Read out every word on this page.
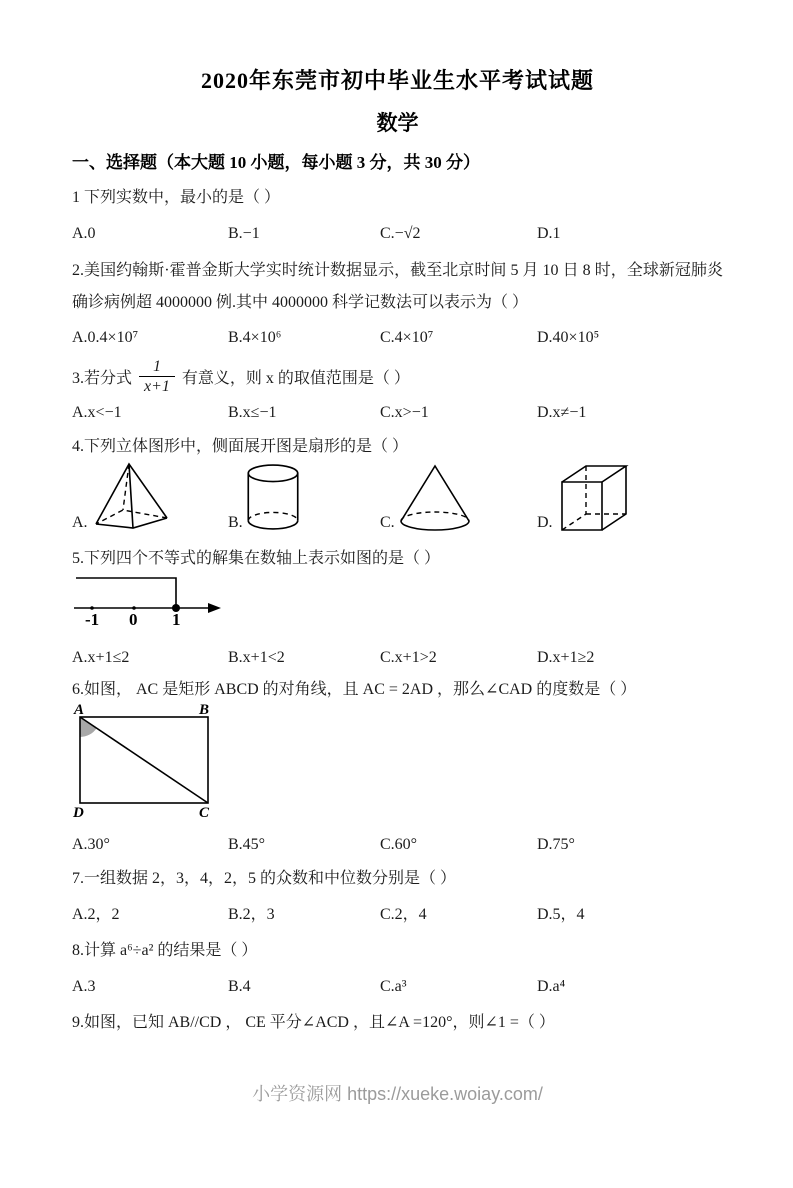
2020年东莞市初中毕业生水平考试试题
数学
一、选择题（本大题 10 小题，每小题 3 分，共 30 分）
1 下列实数中，最小的是（ ）
A.0	B.−1	C.−√2	D.1
2.美国约翰斯·霍普金斯大学实时统计数据显示，截至北京时间 5 月 10 日 8 时，全球新冠肺炎确诊病例超 4000000 例.其中 4000000 科学记数法可以表示为（ ）
A.0.4×10⁷	B.4×10⁶	C.4×10⁷	D.40×10⁵
3.若分式 $\frac{1}{x+1}$ 有意义，则 x 的取值范围是（ ）
A.x<−1	B.x≤−1	C.x>−1	D.x≠−1
4.下列立体图形中，侧面展开图是扇形的是（ ）
A.	B.	C.	D.
5.下列四个不等式的解集在数轴上表示如图的是（ ）
-1 0 1
A.x+1≤2	B.x+1<2	C.x+1>2	D.x+1≥2
6.如图， AC 是矩形 ABCD 的对角线，且 AC = 2AD ，那么∠CAD 的度数是（ ）
A	B
D	C
A.30°	B.45°	C.60°	D.75°
7.一组数据 2，3，4，2，5 的众数和中位数分别是（ ）
A.2，2	B.2，3	C.2，4	D.5，4
8.计算 a⁶÷a² 的结果是（ ）
A.3	B.4	C.a³	D.a⁴
9.如图，已知 AB//CD ， CE 平分∠ACD ，且∠A =120°，则∠1 =（ ）
小学资源网 https://xueke.woiay.com/
